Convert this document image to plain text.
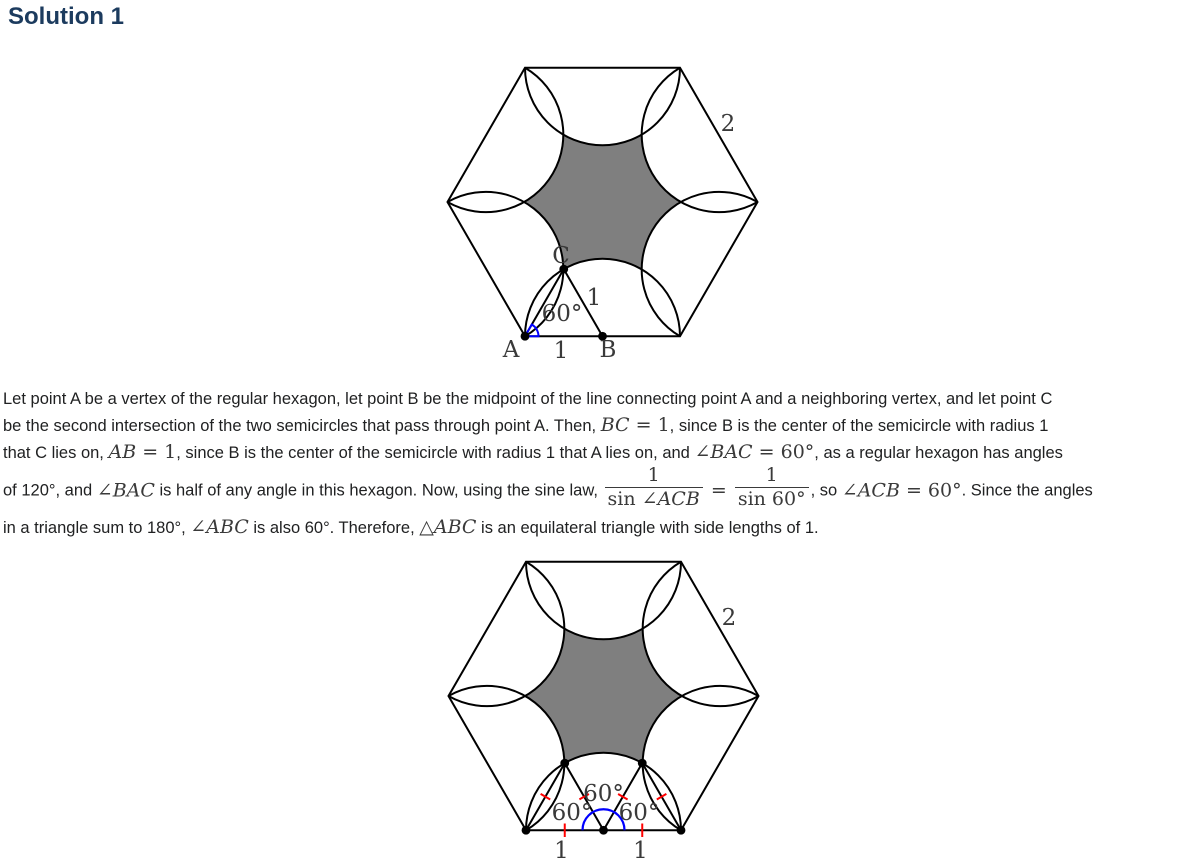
Solution 1
2
C
1
60°
A 1 B

Let point A be a vertex of the regular hexagon, let point B be the midpoint of the line connecting point A and a neighboring vertex, and let point C
be the second intersection of the two semicircles that pass through point A. Then, BC = 1, since B is the center of the semicircle with radius 1
that C lies on, AB = 1, since B is the center of the semicircle with radius 1 that A lies on, and ∠BAC = 60°, as a regular hexagon has angles
of 120°, and ∠BAC is half of any angle in this hexagon. Now, using the sine law, $\frac{1}{\text{sin ∠ACB}} = \frac{1}{\sin 60^\circ}$ , so ∠ACB = 60°. Since the angles
in a triangle sum to 180°, ∠ABC is also 60°. Therefore, △ABC is an equilateral triangle with side lengths of 1.

2
60°
60° 60°
1	1
